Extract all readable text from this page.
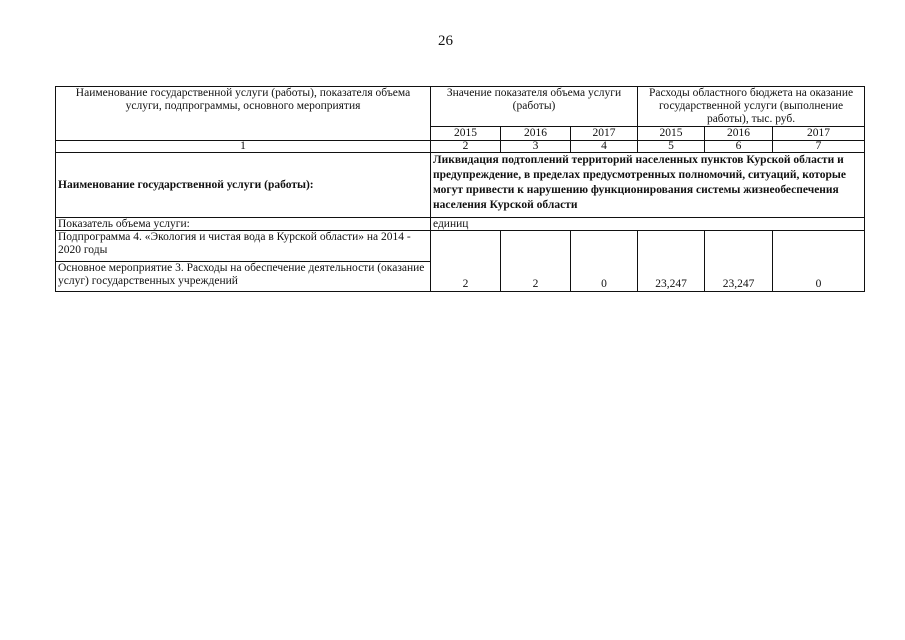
26
Наименование государственной услуги (работы), показателя объема услуги, подпрограммы, основного мероприятия	Значение показателя объема услуги (работы)			Расходы областного бюджета на оказание государственной услуги (выполнение работы), тыс. руб.		
	2015	2016	2017	2015	2016	2017
1	2	3	4	5	6	7
Наименование государственной услуги (работы):	Ликвидация подтоплений территорий населенных пунктов Курской области и предупреждение, в пределах предусмотренных полномочий, ситуаций, которые могут привести к нарушению функционирования системы жизнеобеспечения населения Курской области					
Показатель объема услуги:	единиц					
Подпрограмма 4. «Экология и чистая вода в Курской области» на 2014 - 2020 годы						
Основное мероприятие 3. Расходы на обеспечение деятельности (оказание услуг) государственных учреждений	2	2	0	23,247	23,247	0
